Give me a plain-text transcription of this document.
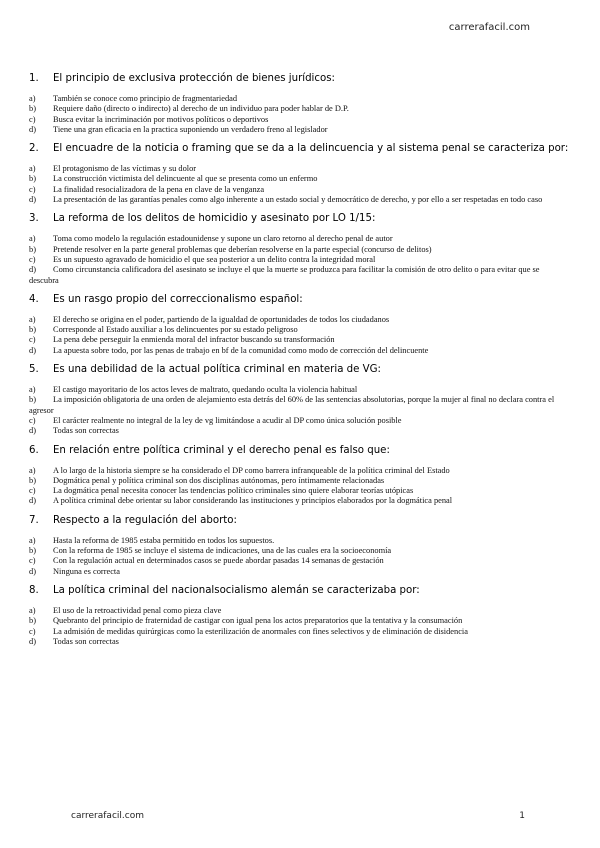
carrerafacil.com
1.	El principio de exclusiva protección de bienes jurídicos:
a) También se conoce como principio de fragmentariedad
b) Requiere daño (directo o indirecto) al derecho de un individuo para poder hablar de D.P.
c) Busca evitar la incriminación por motivos políticos o deportivos
d) Tiene una gran eficacia en la practica suponiendo un verdadero freno al legislador
2.	El encuadre de la noticia o framing que se da a la delincuencia y al sistema penal se caracteriza por:
a) El protagonismo de las víctimas y su dolor
b) La construcción victimista del delincuente al que se presenta como un enfermo
c) La finalidad resocializadora de la pena en clave de la venganza
d) La presentación de las garantías penales como algo inherente a un estado social y democrático de derecho, y por ello a ser respetadas en todo caso
3.	La reforma de los delitos de homicidio y asesinato por LO 1/15:
a) Toma como modelo la regulación estadounidense y supone un claro retorno al derecho penal de autor
b) Pretende resolver en la parte general problemas que deberían resolverse en la parte especial (concurso de delitos)
c) Es un supuesto agravado de homicidio el que sea posterior a un delito contra la integridad moral
d) Como circunstancia calificadora del asesinato se incluye el que la muerte se produzca para facilitar la comisión de otro delito o para evitar que se descubra
4.	Es un rasgo propio del correccionalismo español:
a) El derecho se origina en el poder, partiendo de la igualdad de oportunidades de todos los ciudadanos
b) Corresponde al Estado auxiliar a los delincuentes por su estado peligroso
c) La pena debe perseguir la enmienda moral del infractor buscando su transformación
d) La apuesta sobre todo, por las penas de trabajo en bf de la comunidad como modo de corrección del delincuente
5.	Es una debilidad de la actual política criminal en materia de VG:
a) El castigo mayoritario de los actos leves de maltrato, quedando oculta la violencia habitual
b) La imposición obligatoria de una orden de alejamiento esta detrás del 60% de las sentencias absolutorias, porque la mujer al final no declara contra el agresor
c) El carácter realmente no integral de la ley de vg limitándose a acudir al DP como única solución posible
d) Todas son correctas
6.	En relación entre política criminal y el derecho penal es falso que:
a) A lo largo de la historia siempre se ha considerado el DP como barrera infranqueable de la política criminal del Estado
b) Dogmática penal y política criminal son dos disciplinas autónomas, pero íntimamente relacionadas
c) La dogmática penal necesita conocer las tendencias político criminales sino quiere elaborar teorías utópicas
d) A política criminal debe orientar su labor considerando las instituciones y principios elaborados por la dogmática penal
7.	Respecto a la regulación del aborto:
a) Hasta la reforma de 1985 estaba permitido en todos los supuestos.
b) Con la reforma de 1985 se incluye el sistema de indicaciones, una de las cuales era la socioeconomía
c) Con la regulación actual en determinados casos se puede abordar pasadas 14 semanas de gestación
d) Ninguna es correcta
8.	La política criminal del nacionalsocialismo alemán se caracterizaba por:
a) El uso de la retroactividad penal como pieza clave
b) Quebranto del principio de fraternidad de castigar con igual pena los actos preparatorios que la tentativa y la consumación
c) La admisión de medidas quirúrgicas como la esterilización de anormales con fines selectivos y de eliminación de disidencia
d) Todas son correctas
carrerafacil.com	1
